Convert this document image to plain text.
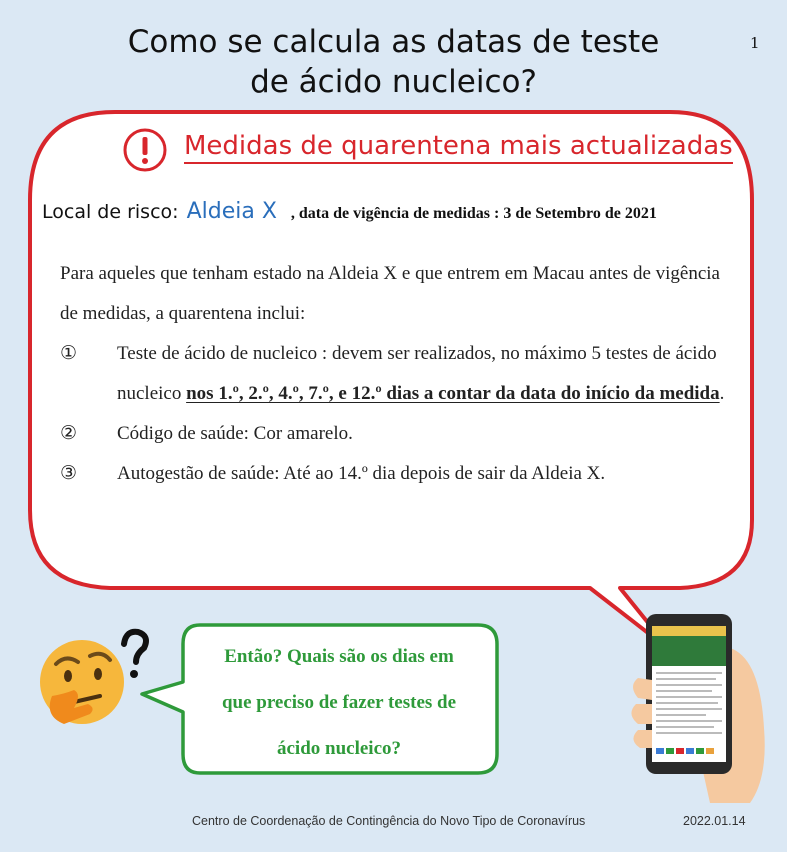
Como se calcula as datas de teste
de ácido nucleico?
1
Medidas de quarentena mais actualizadas
Local de risco: Aldeia X , data de vigência de medidas : 3 de Setembro de 2021
Para aqueles que tenham estado na Aldeia X e que entrem em Macau antes de vigência de medidas, a quarentena inclui:
① Teste de ácido de nucleico : devem ser realizados, no máximo 5 testes de ácido nucleico nos 1.º, 2.º, 4.º, 7.º, e 12.º dias a contar da data do início da medida.
② Código de saúde: Cor amarelo.
③ Autogestão de saúde: Até ao 14.º dia depois de sair da Aldeia X.
Então? Quais são os dias em
que preciso de fazer testes de
ácido nucleico?
Centro de Coordenação de Contingência do Novo Tipo de Coronavírus	2022.01.14
